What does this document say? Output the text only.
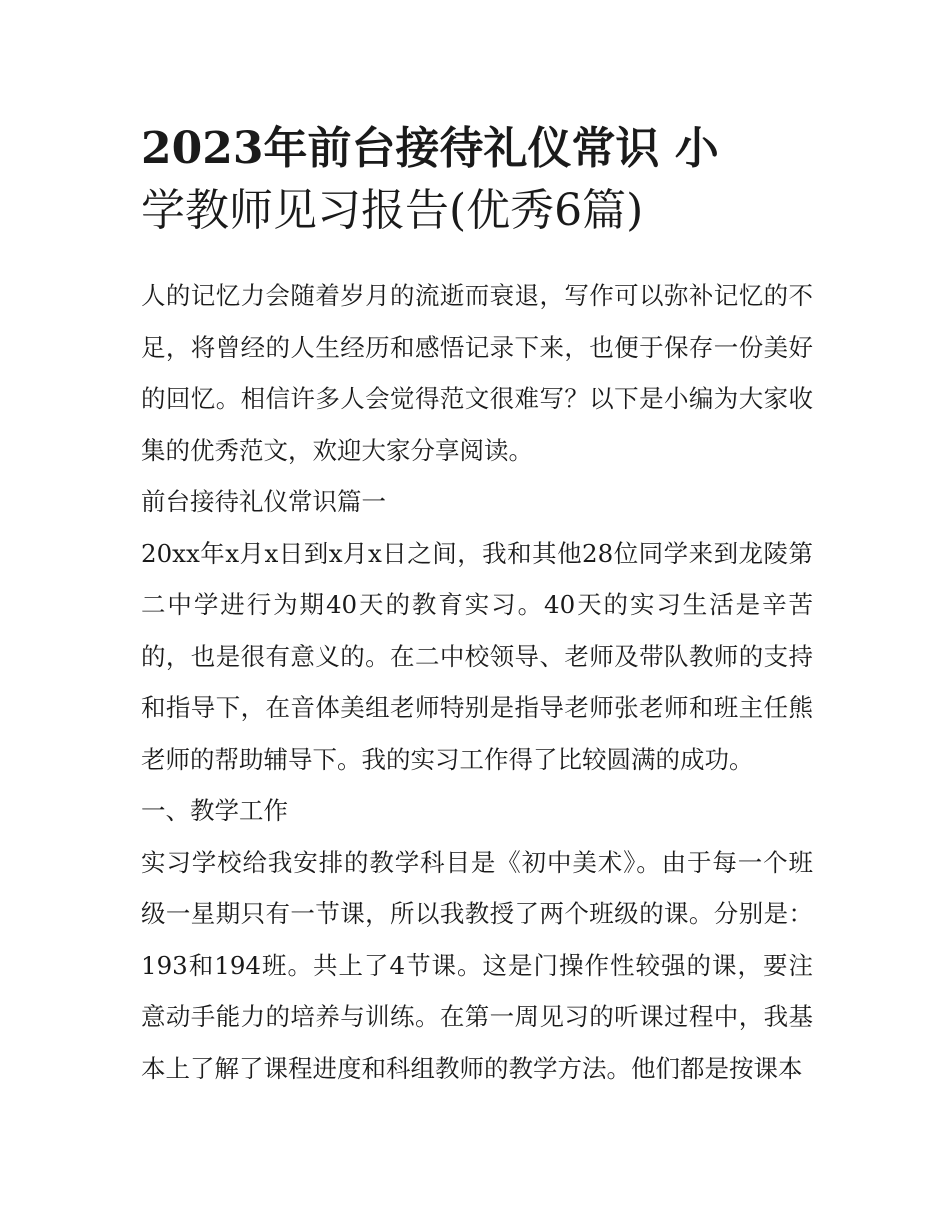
2023年前台接待礼仪常识 小
学教师见习报告(优秀6篇)

人的记忆力会随着岁月的流逝而衰退，写作可以弥补记忆的不足，将曾经的人生经历和感悟记录下来，也便于保存一份美好的回忆。相信许多人会觉得范文很难写？以下是小编为大家收集的优秀范文，欢迎大家分享阅读。

前台接待礼仪常识篇一

20xx年x月x日到x月x日之间，我和其他28位同学来到龙陵第二中学进行为期40天的教育实习。40天的实习生活是辛苦的，也是很有意义的。在二中校领导、老师及带队教师的支持和指导下，在音体美组老师特别是指导老师张老师和班主任熊老师的帮助辅导下。我的实习工作得了比较圆满的成功。

一、教学工作

实习学校给我安排的教学科目是《初中美术》。由于每一个班级一星期只有一节课，所以我教授了两个班级的课。分别是：193和194班。共上了4节课。这是门操作性较强的课，要注意动手能力的培养与训练。在第一周见习的听课过程中，我基本上了解了课程进度和科组教师的教学方法。他们都是按课本
